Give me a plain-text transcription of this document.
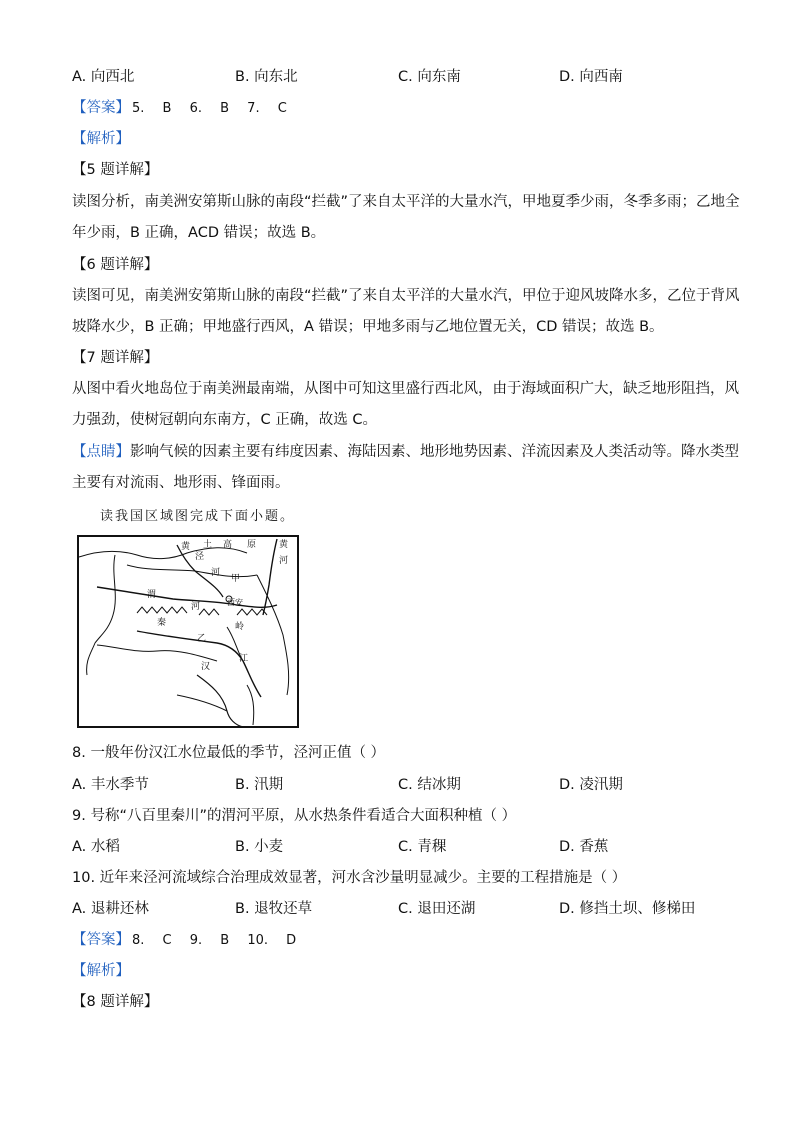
A. 向西北	B. 向东北	C. 向东南	D. 向西南
【答案】 5. B 6. B 7. C
【解析】
【5 题详解】
读图分析，南美洲安第斯山脉的南段“拦截”了来自太平洋的大量水汽，甲地夏季少雨，冬季多雨；乙地全
年少雨，B 正确，ACD 错误；故选 B。
【6 题详解】
读图可见，南美洲安第斯山脉的南段“拦截”了来自太平洋的大量水汽，甲位于迎风坡降水多，乙位于背风
坡降水少，B 正确；甲地盛行西风，A 错误；甲地多雨与乙地位置无关，CD 错误；故选 B。
【7 题详解】
从图中看火地岛位于南美洲最南端，从图中可知这里盛行西北风，由于海域面积广大，缺乏地形阻挡，风
力强劲，使树冠朝向东南方，C 正确，故选 C。
【点睛】影响气候的因素主要有纬度因素、海陆因素、地形地势因素、洋流因素及人类活动等。降水类型
主要有对流雨、地形雨、锋面雨。
读我国区域图完成下面小题。
黄 土 高 原	黄
河
泾
河
甲
渭
河	西安
秦	岭
乙
汉
江
8. 一般年份汉江水位最低的季节，泾河正值（ ）
A. 丰水季节	B. 汛期	C. 结冰期	D. 凌汛期
9. 号称“八百里秦川”的渭河平原，从水热条件看适合大面积种植（ ）
A. 水稻	B. 小麦	C. 青稞	D. 香蕉
10. 近年来泾河流域综合治理成效显著，河水含沙量明显减少。主要的工程措施是（ ）
A. 退耕还林	B. 退牧还草	C. 退田还湖	D. 修挡土坝、修梯田
【答案】 8. C 9. B 10. D
【解析】
【8 题详解】
